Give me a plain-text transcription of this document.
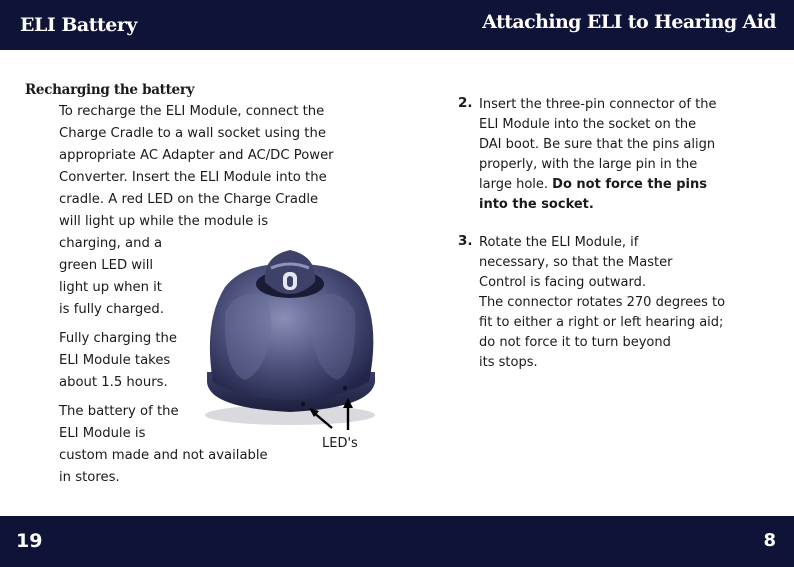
ELI Battery	Attaching ELI to Hearing Aid
Recharging the battery
To recharge the ELI Module, connect the
Charge Cradle to a wall socket using the
appropriate AC Adapter and AC/DC Power
Converter. Insert the ELI Module into the
cradle. A red LED on the Charge Cradle
will light up while the module is
charging, and a
green LED will
light up when it
is fully charged.
Fully charging the
ELI Module takes
about 1.5 hours.
The battery of the
ELI Module is
custom made and not available
in stores.
LED's
2. Insert the three-pin connector of the
ELI Module into the socket on the
DAI boot. Be sure that the pins align
properly, with the large pin in the
large hole. Do not force the pins
into the socket.
3. Rotate the ELI Module, if
necessary, so that the Master
Control is facing outward.
The connector rotates 270 degrees to
fit to either a right or left hearing aid;
do not force it to turn beyond
its stops.
19	8
